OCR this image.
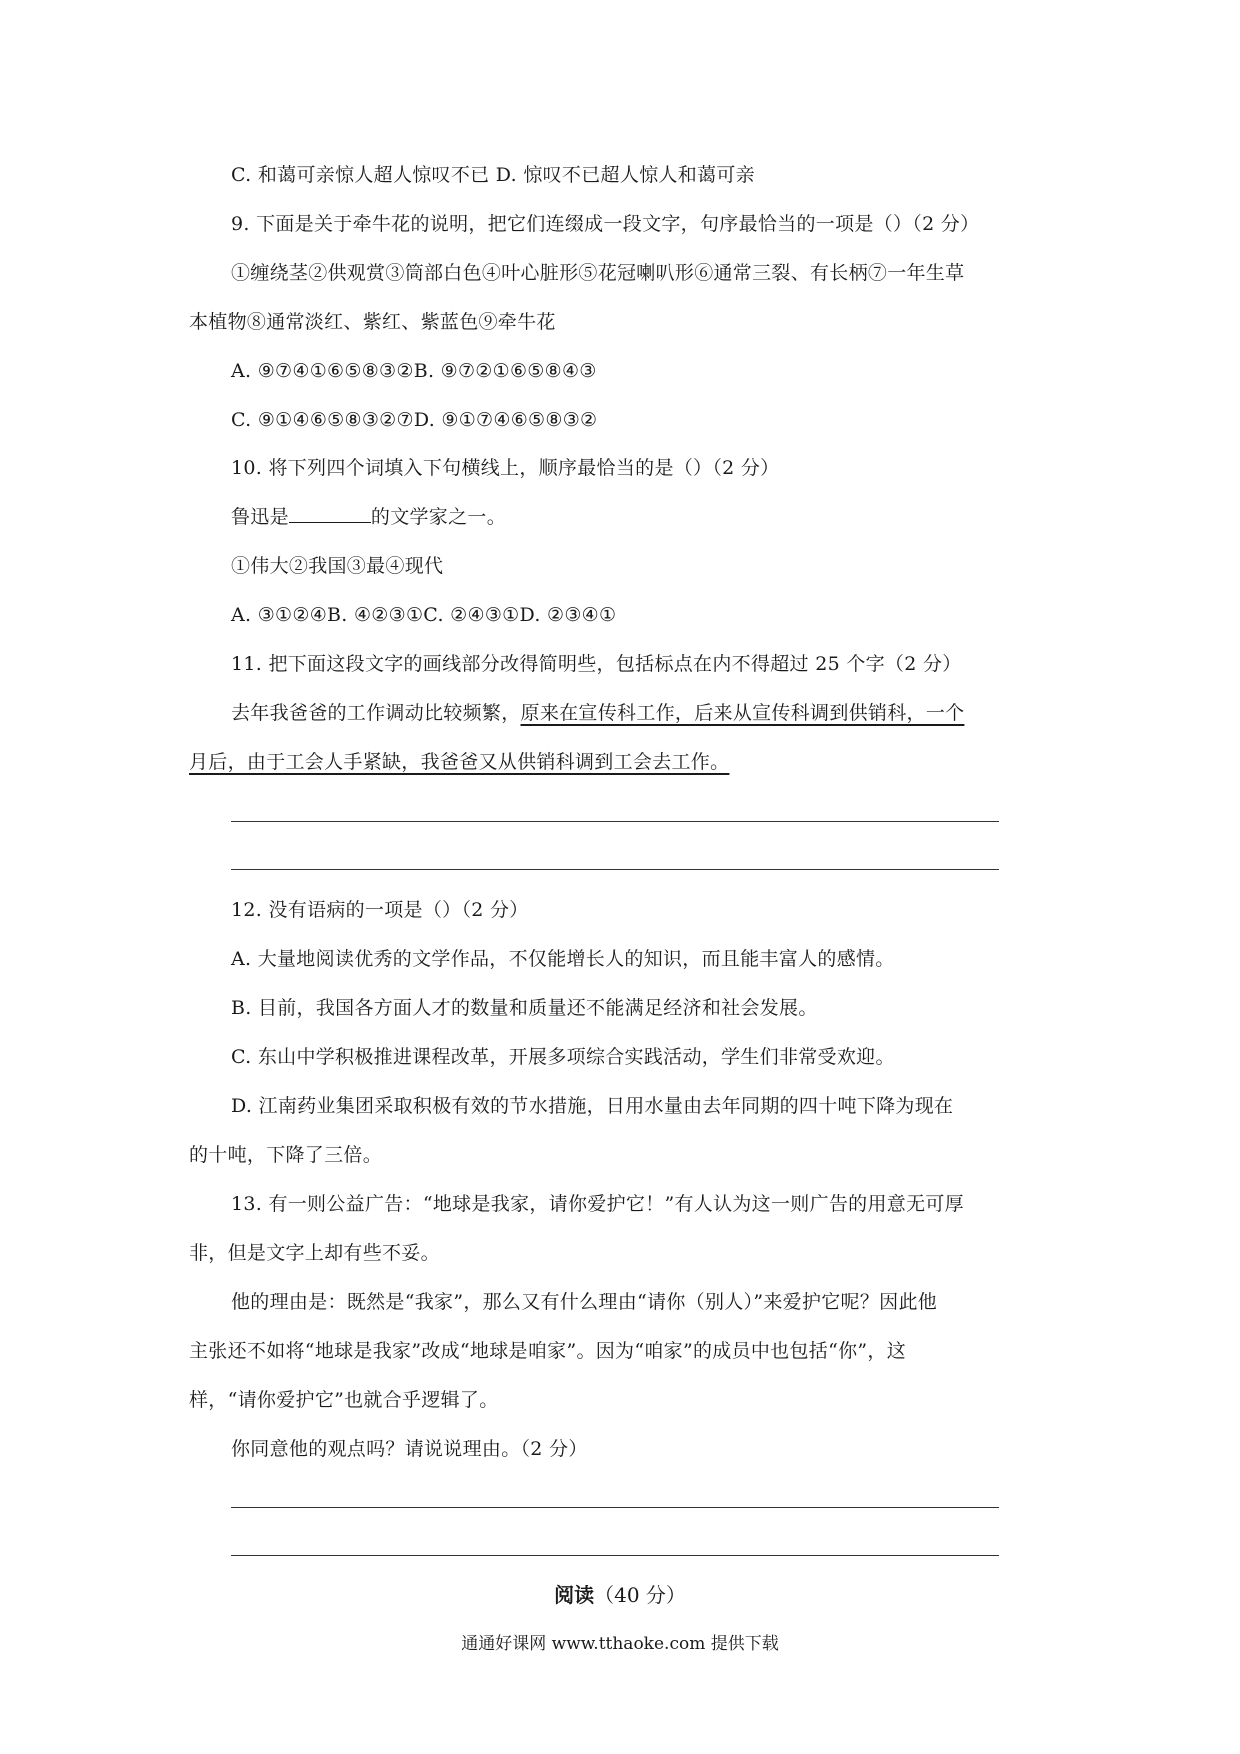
C. 和蔼可亲惊人超人惊叹不已 D. 惊叹不已超人惊人和蔼可亲
9. 下面是关于牵牛花的说明，把它们连缀成一段文字，句序最恰当的一项是（）（2 分）
①缠绕茎②供观赏③筒部白色④叶心脏形⑤花冠喇叭形⑥通常三裂、有长柄⑦一年生草
本植物⑧通常淡红、紫红、紫蓝色⑨牵牛花
A. ⑨⑦④①⑥⑤⑧③②B. ⑨⑦②①⑥⑤⑧④③
C. ⑨①④⑥⑤⑧③②⑦D. ⑨①⑦④⑥⑤⑧③②
10. 将下列四个词填入下句横线上，顺序最恰当的是（）（2 分）
鲁迅是	的文学家之一。
①伟大②我国③最④现代
A. ③①②④B. ④②③①C. ②④③①D. ②③④①
11. 把下面这段文字的画线部分改得简明些，包括标点在内不得超过 25 个字（2 分）
去年我爸爸的工作调动比较频繁，原来在宣传科工作，后来从宣传科调到供销科，一个
月后，由于工会人手紧缺，我爸爸又从供销科调到工会去工作。
12. 没有语病的一项是（）（2 分）
A. 大量地阅读优秀的文学作品，不仅能增长人的知识，而且能丰富人的感情。
B. 目前，我国各方面人才的数量和质量还不能满足经济和社会发展。
C. 东山中学积极推进课程改革，开展多项综合实践活动，学生们非常受欢迎。
D. 江南药业集团采取积极有效的节水措施，日用水量由去年同期的四十吨下降为现在
的十吨，下降了三倍。
13. 有一则公益广告：“地球是我家，请你爱护它！”有人认为这一则广告的用意无可厚
非，但是文字上却有些不妥。
他的理由是：既然是“我家”，那么又有什么理由“请你（别人）”来爱护它呢？因此他
主张还不如将“地球是我家”改成“地球是咱家”。因为“咱家”的成员中也包括“你”，这
样，“请你爱护它”也就合乎逻辑了。
你同意他的观点吗？请说说理由。（2 分）
阅读（40 分）
通通好课网 www.tthaoke.com 提供下载
